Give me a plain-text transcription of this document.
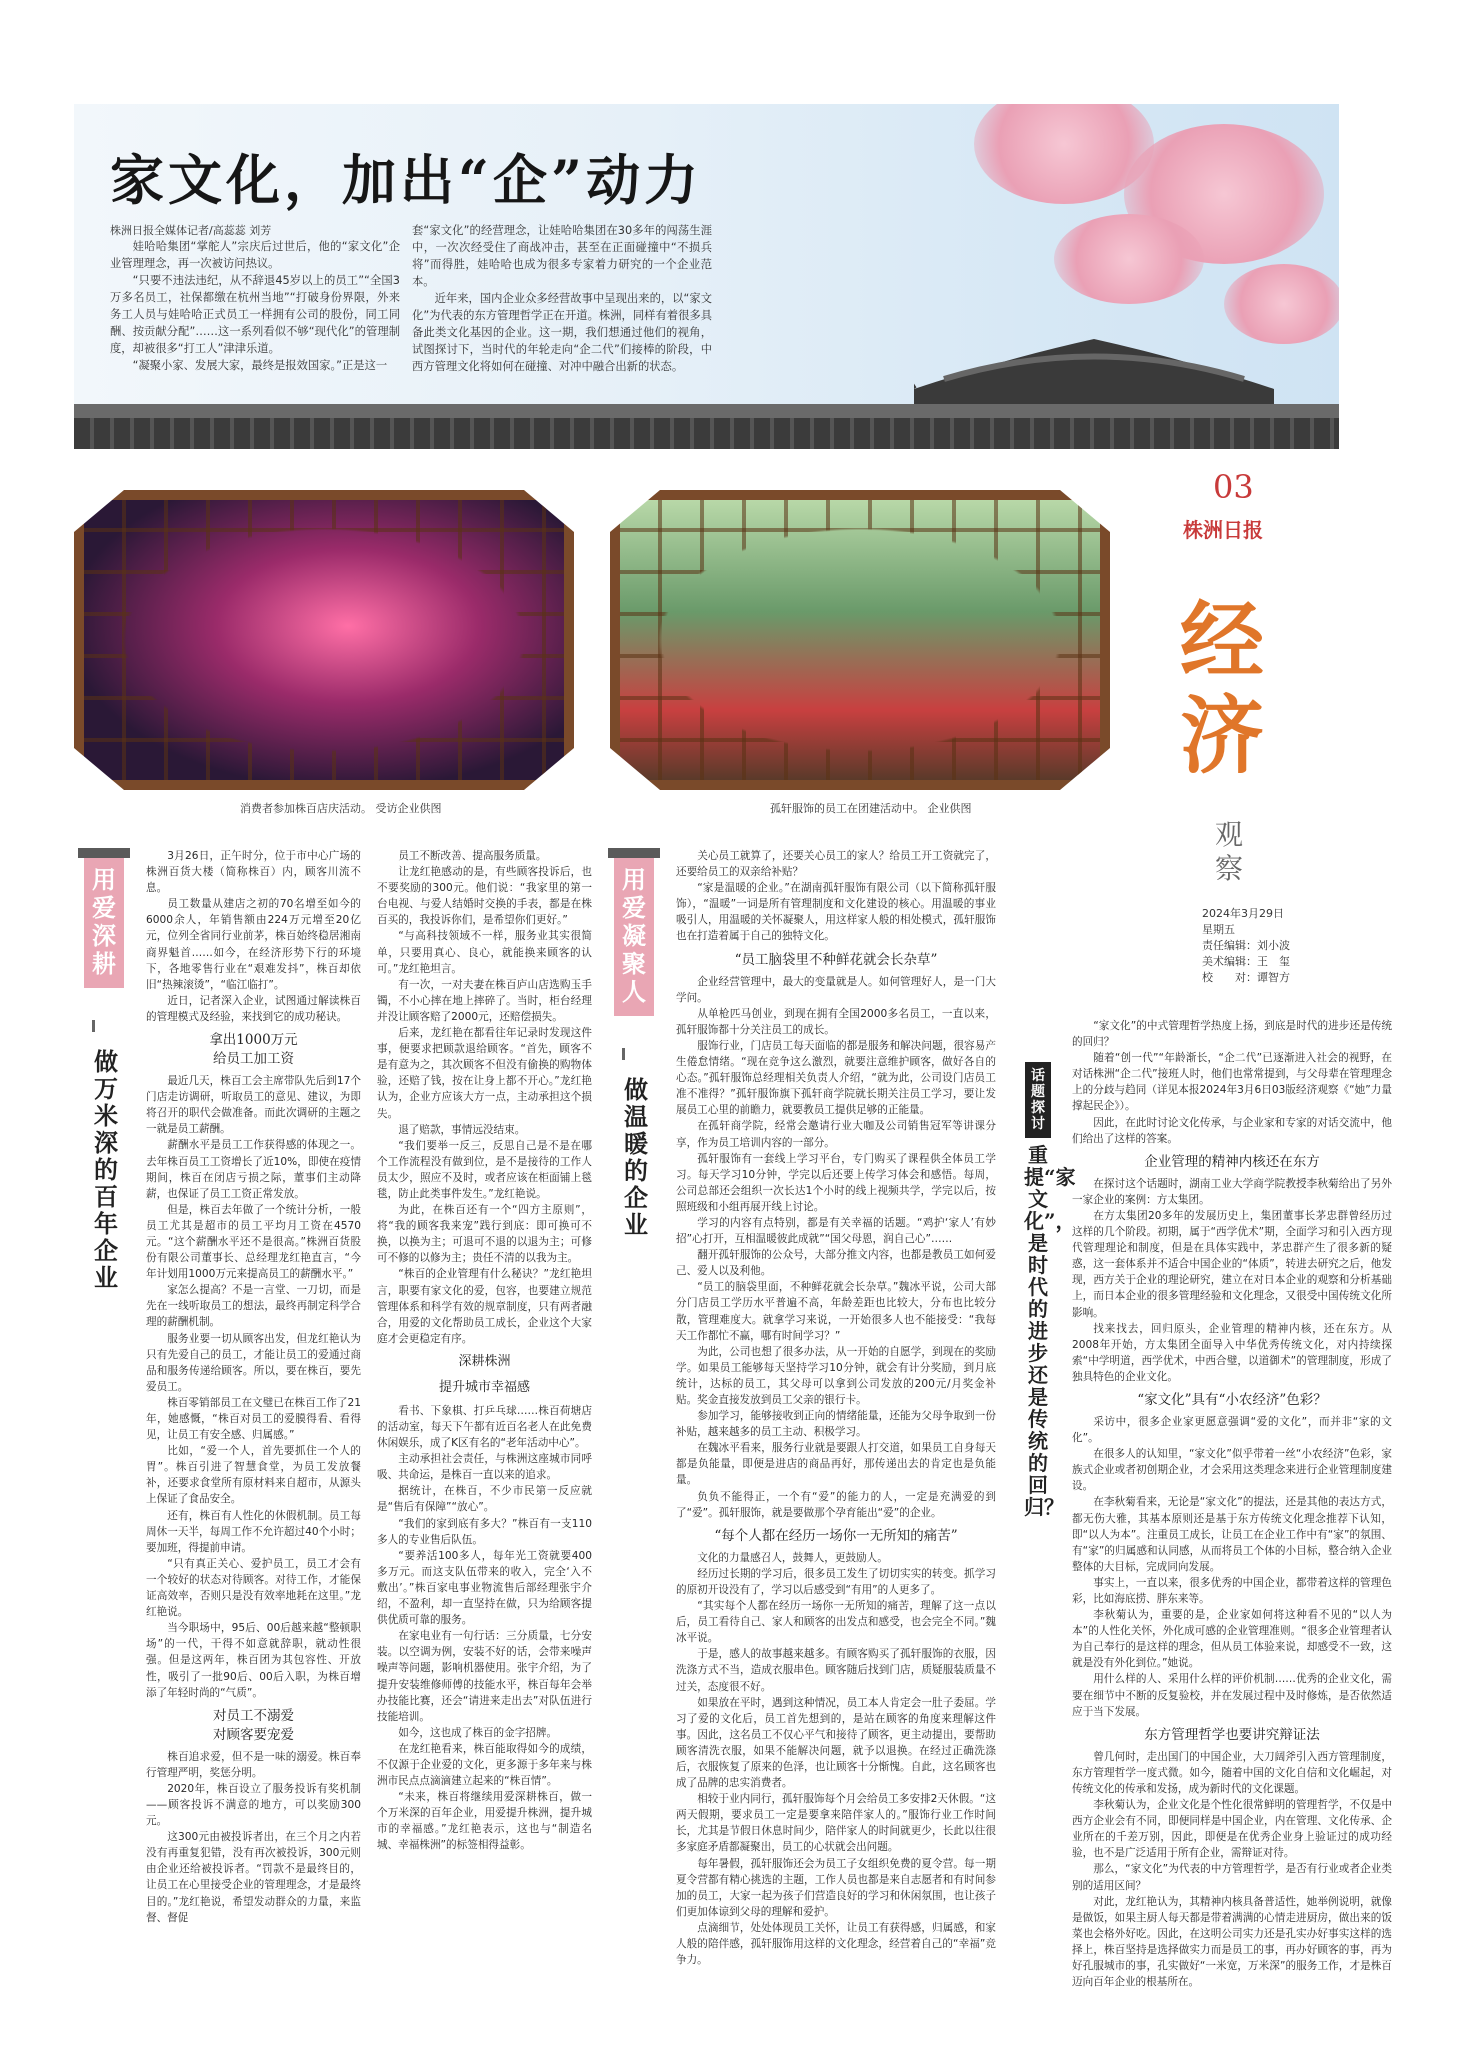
家文化，加出“企”动力
株洲日报全媒体记者/高蕊蕊 刘芳

娃哈哈集团“掌舵人”宗庆后过世后，他的“家文化”企业管理理念，再一次被访问热议。

“只要不违法违纪，从不辞退45岁以上的员工”“全国3万多名员工，社保都缴在杭州当地”“打破身份界限，外来务工人员与娃哈哈正式员工一样拥有公司的股份，同工同酬、按贡献分配”……这一系列看似不够“现代化”的管理制度，却被很多“打工人”津津乐道。

“凝聚小家、发展大家，最终是报效国家。”正是这一

套“家文化”的经营理念，让娃哈哈集团在30多年的闯荡生涯中，一次次经受住了商战冲击，甚至在正面碰撞中“不损兵将”而得胜，娃哈哈也成为很多专家着力研究的一个企业范本。

近年来，国内企业众多经营故事中呈现出来的，以“家文化”为代表的东方管理哲学正在开道。株洲，同样有着很多具备此类文化基因的企业。这一期，我们想通过他们的视角，试图探讨下，当时代的年轮走向“企二代”们接棒的阶段，中西方管理文化将如何在碰撞、对冲中融合出新的状态。

消费者参加株百店庆活动。 受访企业供图	孤轩服饰的员工在团建活动中。 企业供图
03
株洲日报
经
济
观
察
2024年3月29日
星期五
责任编辑：刘小波
美术编辑：王　玺
校　　对：谭智方
用爱深耕
做万米深的百年企业

3月26日，正午时分，位于市中心广场的株洲百货大楼（简称株百）内，顾客川流不息。

员工数量从建店之初的70名增至如今的6000余人，年销售额由224万元增至20亿元，位列全省同行业前茅，株百始终稳居湘南商界魁首……如今，在经济形势下行的环境下，各地零售行业在“艰难发抖”，株百却依旧“热辣滚烫”，“临江临打”。

近日，记者深入企业，试图通过解读株百的管理模式及经验，来找到它的成功秘诀。

拿出1000万元
给员工加工资

最近几天，株百工会主席带队先后到17个门店走访调研，听取员工的意见、建议，为即将召开的职代会做准备。而此次调研的主题之一就是员工薪酬。

薪酬水平是员工工作获得感的体现之一。去年株百员工工资增长了近10%，即使在疫情期间，株百在闭店亏损之际，董事们主动降薪，也保证了员工工资正常发放。

但是，株百去年做了一个统计分析，一般员工尤其是超市的员工平均月工资在4570元。“这个薪酬水平还不是很高。”株洲百货股份有限公司董事长、总经理龙红艳直言，“今年计划用1000万元来提高员工的薪酬水平。”

家怎么提高？不是一言堂、一刀切，而是先在一线听取员工的想法，最终再制定科学合理的薪酬机制。

服务业要一切从顾客出发，但龙红艳认为只有先爱自己的员工，才能让员工的爱通过商品和服务传递给顾客。所以，要在株百，要先爱员工。

株百零销部员工在文璧已在株百工作了21年，她感慨，“株百对员工的爱膜得看、看得见，让员工有安全感、归属感。”

比如，“爱一个人，首先要抓住一个人的胃”。株百引进了智慧食堂，为员工发放餐补，还要求食堂所有原材料来自超市，从源头上保证了食品安全。

还有，株百有人性化的休假机制。员工每周休一天半，每周工作不允许超过40个小时；要加班，得提前申请。

“只有真正关心、爱护员工，员工才会有一个较好的状态对待顾客。对待工作，才能保证高效率，否则只是没有效率地耗在这里。”龙红艳说。

当今职场中，95后、00后越来越“整顿职场”的一代，干得不如意就辞职，就动性很强。但是这两年，株百团为其包容性、开放性，吸引了一批90后、00后入职，为株百增添了年轻时尚的“气质”。

对员工不溺爱
对顾客要宠爱

株百追求爱，但不是一味的溺爱。株百奉行管理严明，奖惩分明。

2020年，株百设立了服务投诉有奖机制——顾客投诉不满意的地方，可以奖励300元。

这300元由被投诉者出，在三个月之内若没有再重复犯错，没有再次被投诉，300元则由企业还给被投诉者。“罚款不是最终目的，让员工在心里接受企业的管理理念，才是最终目的。”龙红艳说，希望发动群众的力量，来监督、督促

员工不断改善、提高服务质量。

让龙红艳感动的是，有些顾客投诉后，也不要奖励的300元。他们说：“我家里的第一台电视、与爱人结婚时交换的手表，都是在株百买的，我投诉你们，是希望你们更好。”

“与高科技领域不一样，服务业其实很简单，只要用真心、良心，就能换来顾客的认可。”龙红艳坦言。

有一次，一对夫妻在株百庐山店选购玉手镯，不小心摔在地上摔碎了。当时，柜台经理并没让顾客赔了2000元，还赔偿损失。

后来，龙红艳在都看往年记录时发现这件事，便要求把顾款退给顾客。“首先，顾客不是有意为之，其次顾客不但没有偷换的购物体验，还赔了钱，按在让身上都不开心。”龙红艳认为，企业方应该大方一点，主动承担这个损失。

退了赔款，事情远没结束。

“我们要举一反三，反思自己是不是在哪个工作流程没有做到位，是不是接待的工作人员太少，照应不及时，或者应该在柜面铺上毯毯，防止此类事件发生。”龙红艳说。

为此，在株百还有一个“四方主原则”，将“我的顾客我来宠”践行到底：即可换可不换，以换为主；可退可不退的以退为主；可修可不修的以修为主；贵任不清的以我为主。

“株百的企业管理有什么秘诀？”龙红艳坦言，职要有家文化的爱，包容，也要建立规范管理体系和科学有效的规章制度，只有两者融合，用爱的文化帮助员工成长，企业这个大家庭才会更稳定有序。

深耕株洲
提升城市幸福感

看书、下象棋、打乒乓球……株百荷塘店的活动室，每天下午都有近百名老人在此免费休闲娱乐，成了K区有名的“老年活动中心”。

主动承担社会责任，与株洲这座城市同呼吸、共命运，是株百一直以来的追求。

据统计，在株百，不少市民第一反应就是“售后有保障”“放心”。

“我们的家到底有多大？”株百有一支110多人的专业售后队伍。

“要养活100多人，每年光工资就要400多万元。而这支队伍带来的收入，完全‘入不敷出’。”株百家电事业物流售后部经理张宇介绍，不盈利，却一直坚持在做，只为给顾客提供优质可靠的服务。

在家电业有一句行话：三分质量，七分安装。以空调为例，安装不好的话，会带来噪声噪声等问题，影响机器使用。张宇介绍，为了提升安装维修师傅的技能水平，株百每年会举办技能比赛，还会“请进来走出去”对队伍进行技能培训。

如今，这也成了株百的金字招牌。

在龙红艳看来，株百能取得如今的成绩，不仅源于企业爱的文化，更多源于多年来与株洲市民点点滴滴建立起来的“株百情”。

“未来，株百将继续用爱深耕株百，做一个万米深的百年企业，用爱提升株洲，提升城市的幸福感。”龙红艳表示，这也与“制造名城、幸福株洲”的标签相得益彰。

用爱凝聚人
做温暖的企业

关心员工就算了，还要关心员工的家人？给员工开工资就完了，还要给员工的双亲给补贴？

“家是温暖的企业。”在湖南孤轩服饰有限公司（以下简称孤轩服饰），“温暖”一词是所有管理制度和文化建设的核心。用温暖的事业吸引人，用温暖的关怀凝聚人，用这样家人般的相处模式，孤轩服饰也在打造着属于自己的独特文化。

“员工脑袋里不种鲜花就会长杂草”

企业经营管理中，最大的变量就是人。如何管理好人，是一门大学问。

从单枪匹马创业，到现在拥有全国2000多名员工，一直以来，孤轩服饰都十分关注员工的成长。

服饰行业，门店员工每天面临的都是服务和解决问题，很容易产生倦怠情绪。“现在竞争这么激烈，就要注意维护顾客，做好各自的心态。”孤轩服饰总经理相关负责人介绍，“就为此，公司设门店员工准不准得？”孤轩服饰旗下孤轩商学院就长期关注员工学习，要让发展员工心里的前瞻力，就要教员工提供足够的正能量。

在孤轩商学院，经常会邀请行业大咖及公司销售冠军等讲课分享，作为员工培训内容的一部分。

孤轩服饰有一套线上学习平台，专门购买了课程供全体员工学习。每天学习10分钟，学完以后还要上传学习体会和感悟。每周，公司总部还会组织一次长达1个小时的线上视频共学，学完以后，按照班级和小组再展开线上讨论。

学习的内容有点特别，都是有关幸福的话题。“鸡护‘家人’有妙招”心打开，互相温暖彼此成就”“国父母恩，润自己心”……

翻开孤轩服饰的公众号，大部分推文内容，也都是教员工如何爱己、爱人以及利他。

“员工的脑袋里面，不种鲜花就会长杂草。”魏冰平说，公司大部分门店员工学历水平普遍不高，年龄差距也比较大，分布也比较分散，管理难度大。就拿学习来说，一开始很多人也不能接受：“我每天工作都忙不赢，哪有时间学习？”

为此，公司也想了很多办法，从一开始的自愿学，到现在的奖励学。如果员工能够每天坚持学习10分钟，就会有计分奖励，到月底统计，达标的员工，其父母可以拿到公司发放的200元/月奖金补贴。奖金直接发放到员工父亲的银行卡。

参加学习，能够接收到正向的情绪能量，还能为父母争取到一份补贴，越来越多的员工主动、积极学习。

在魏冰平看来，服务行业就是要跟人打交道，如果员工自身每天都是负能量，即便是进店的商品再好，那传递出去的肯定也是负能量。

负负不能得正，一个有“爱”的能力的人，一定是充满爱的到了“爱”。孤轩服饰，就是要做那个孕育能出“爱”的企业。

“每个人都在经历一场你一无所知的痛苦”

文化的力量感召人，鼓舞人，更鼓励人。

经历过长期的学习后，很多员工发生了切切实实的转变。抓学习的原初开设没有了，学习以后感受到“有用”的人更多了。

“其实每个人都在经历一场你一无所知的痛苦，理解了这一点以后，员工看待自己、家人和顾客的出发点和感受，也会完全不同。”魏冰平说。

于是，感人的故事越来越多。有顾客购买了孤轩服饰的衣服，因洗涤方式不当，造成衣服串色。顾客随后找到门店，质疑服装质量不过关，态度很不好。

如果放在平时，遇到这种情况，员工本人肯定会一肚子委屈。学习了爱的文化后，员工首先想到的，是站在顾客的角度来理解这件事。因此，这名员工不仅心平气和接待了顾客，更主动提出，要帮助顾客清洗衣服，如果不能解决问题，就予以退换。在经过正确洗涤后，衣服恢复了原来的色泽，也让顾客十分惭愧。自此，这名顾客也成了品牌的忠实消费者。

相较于业内同行，孤轩服饰每个月会给员工多安排2天休假。“这两天假期，要求员工一定是要拿来陪伴家人的。”服饰行业工作时间长，尤其是节假日休息时间少，陪伴家人的时间就更少，长此以往很多家庭矛盾都凝聚出，员工的心状就会出问题。

每年暑假，孤轩服饰还会为员工子女组织免费的夏令营。每一期夏令营都有精心挑选的主题，工作人员也都是来自志愿者和有时间参加的员工，大家一起为孩子们营造良好的学习和休闲氛围，也让孩子们更加体谅到父母的理解和爱护。

点滴细节，处处体现员工关怀，让员工有获得感，归属感，和家人般的陪伴感，孤轩服饰用这样的文化理念，经营着自己的“幸福”竞争力。

话题探讨
重提“家文化”，是时代的进步还是传统的回归？

“家文化”的中式管理哲学热度上扬，到底是时代的进步还是传统的回归？

随着“创一代”“年龄渐长，“企二代”已逐渐进入社会的视野，在对话株洲“企二代”接班人时，他们也常常提到，与父母辈在管理理念上的分歧与趋同（详见本报2024年3月6日03版经济观察《“她”力量撑起民企》）。

因此，在此时讨论文化传承，与企业家和专家的对话交流中，他们给出了这样的答案。

企业管理的精神内核还在东方

在探讨这个话题时，湖南工业大学商学院教授李秋菊给出了另外一家企业的案例：方太集团。

在方太集团20多年的发展历史上，集团董事长茅忠群曾经历过这样的几个阶段。初期，属于“西学优术”期，全面学习和引入西方现代管理理论和制度，但是在具体实践中，茅忠群产生了很多新的疑惑，这一套体系并不适合中国企业的“体质”，转进去研究之后，他发现，西方关于企业的理论研究，建立在对日本企业的观察和分析基础上，而日本企业的很多管理经验和文化理念，又很受中国传统文化所影响。

找来找去，回归原头，企业管理的精神内核，还在东方。从2008年开始，方太集团全面导入中华优秀传统文化，对内持续探索“中学明道，西学优术，中西合璧，以道御术”的管理制度，形成了独具特色的企业文化。

“家文化”具有“小农经济”色彩？

采访中，很多企业家更愿意强调“爱的文化”，而并非“家的文化”。

在很多人的认知里，“家文化”似乎带着一丝“小农经济”色彩，家族式企业或者初创期企业，才会采用这类理念来进行企业管理制度建设。

在李秋菊看来，无论是“家文化”的提法，还是其他的表达方式，都无伤大雅，其基本原则还是基于东方传统文化理念推荐下认知，即“以人为本”。注重员工成长，让员工在企业工作中有“家”的氛围、有“家”的归属感和认同感，从而将员工个体的小目标，整合纳入企业整体的大目标，完成同向发展。

事实上，一直以来，很多优秀的中国企业，都带着这样的管理色彩，比如海底捞、胖东来等。

李秋菊认为，重要的是，企业家如何将这种看不见的“以人为本”的人性化关怀，外化成可感的企业管理准则。“很多企业管理者认为自己奉行的是这样的理念，但从员工体验来说，却感受不一致，这就是没有外化到位。”她说。

用什么样的人、采用什么样的评价机制……优秀的企业文化，需要在细节中不断的反复验校，并在发展过程中及时修炼，是否依然适应于当下发展。

东方管理哲学也要讲究辩证法

曾几何时，走出国门的中国企业，大刀阔斧引入西方管理制度，东方管理哲学一度式微。如今，随着中国的文化自信和文化崛起，对传统文化的传承和发扬，成为新时代的文化课题。

李秋菊认为，企业文化是个性化很常鲜明的管理哲学，不仅是中西方企业会有不同，即便同样是中国企业，内在管理、文化传承、企业所在的千差万别，因此，即便是在优秀企业身上验证过的成功经验，也不是广泛适用于所有企业，需辩证对待。

那么，“家文化”为代表的中方管理哲学，是否有行业或者企业类别的适用区间？

对此，龙红艳认为，其精神内核具备普适性，她举例说明，就像是做饭，如果主厨人每天都是带着满满的心情走进厨房，做出来的饭菜也会格外好吃。因此，在这明公司实力还是孔实办好事实这样的选择上，株百坚持是选择做实力而是员工的事，再办好顾客的事，再为好孔服城市的事，孔实做好“一米宽，万米深”的服务工作，才是株百迈向百年企业的根基所在。
